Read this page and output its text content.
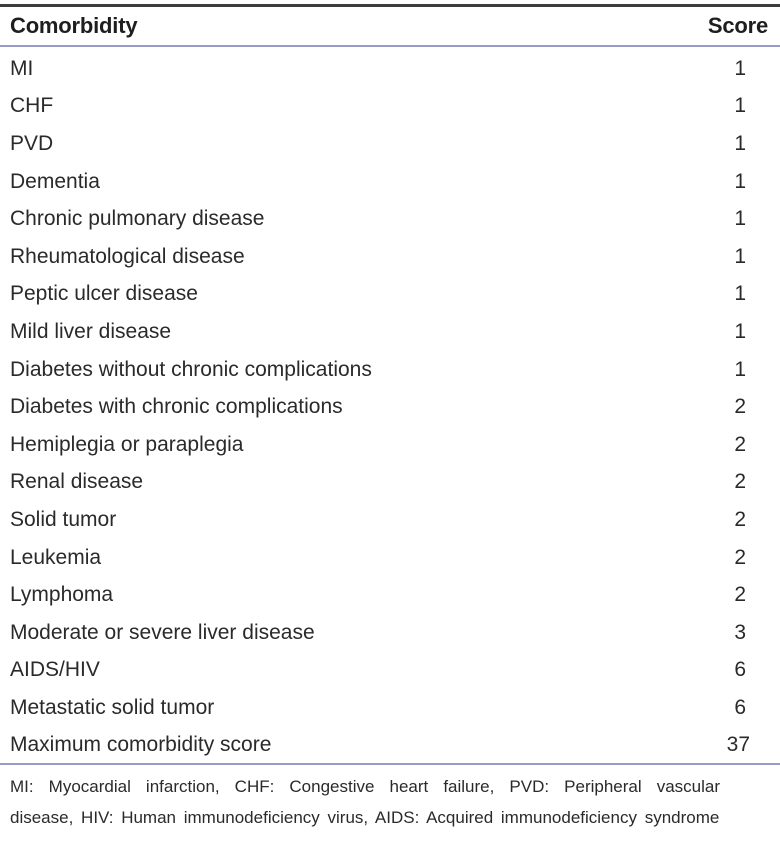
Comorbidity	Score
MI	1
CHF	1
PVD	1
Dementia	1
Chronic pulmonary disease	1
Rheumatological disease	1
Peptic ulcer disease	1
Mild liver disease	1
Diabetes without chronic complications	1
Diabetes with chronic complications	2
Hemiplegia or paraplegia	2
Renal disease	2
Solid tumor	2
Leukemia	2
Lymphoma	2
Moderate or severe liver disease	3
AIDS/HIV	6
Metastatic solid tumor	6
Maximum comorbidity score	37
MI: Myocardial infarction, CHF: Congestive heart failure, PVD: Peripheral vascular disease, HIV: Human immunodeficiency virus, AIDS: Acquired immunodeficiency syndrome
